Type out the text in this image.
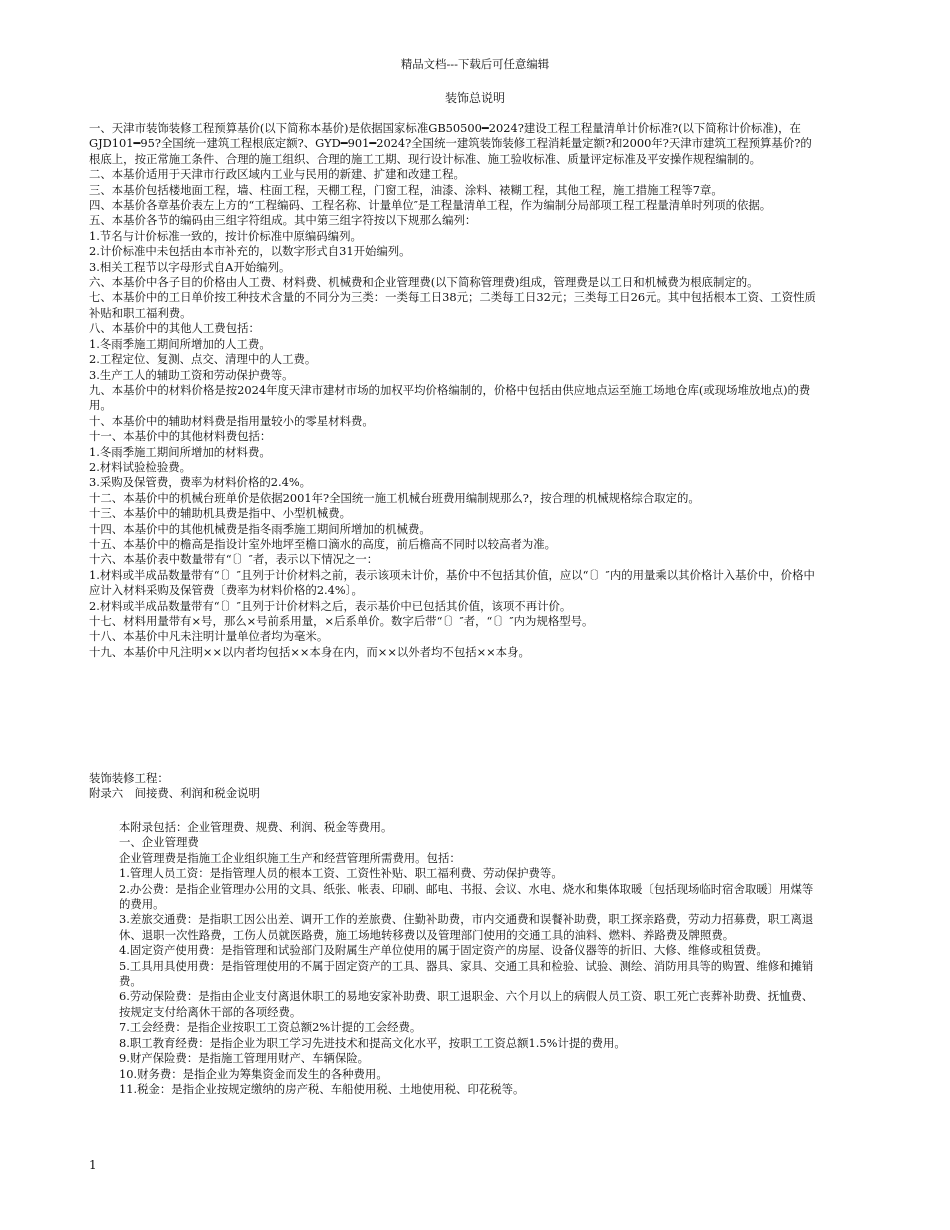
精品文档---下载后可任意编辑
装饰总说明

一、天津市装饰装修工程预算基价(以下简称本基价)是依据国家标准GB50500━2024?建设工程工程量清单计价标准?(以下简称计价标准)，在GJD101━95?全国统一建筑工程根底定额?、GYD━901━2024?全国统一建筑装饰装修工程消耗量定额?和2000年?天津市建筑工程预算基价?的根底上，按正常施工条件、合理的施工组织、合理的施工工期、现行设计标准、施工验收标准、质量评定标准及平安操作规程编制的。

二、本基价适用于天津市行政区域内工业与民用的新建、扩建和改建工程。

三、本基价包括楼地面工程，墙、柱面工程，天棚工程，门窗工程，油漆、涂料、裱糊工程，其他工程，施工措施工程等7章。

四、本基价各章基价表左上方的“工程编码、工程名称、计量单位″是工程量清单工程，作为编制分局部项工程工程量清单时列项的依据。

五、本基价各节的编码由三组字符组成。其中第三组字符按以下规那么编列：

1.节名与计价标准一致的，按计价标准中原编码编列。

2.计价标准中未包括由本市补充的，以数字形式自31开始编列。

3.相关工程节以字母形式自A开始编列。

六、本基价中各子目的价格由人工费、材料费、机械费和企业管理费(以下简称管理费)组成，管理费是以工日和机械费为根底制定的。

七、本基价中的工日单价按工种技术含量的不同分为三类：一类每工日38元；二类每工日32元；三类每工日26元。其中包括根本工资、工资性质补贴和职工福利费。

八、本基价中的其他人工费包括：

1.冬雨季施工期间所增加的人工费。

2.工程定位、复测、点交、清理中的人工费。

3.生产工人的辅助工资和劳动保护费等。

九、本基价中的材料价格是按2024年度天津市建材市场的加权平均价格编制的，价格中包括由供应地点运至施工场地仓库(或现场堆放地点)的费用。

十、本基价中的辅助材料费是指用量较小的零星材料费。

十一、本基价中的其他材料费包括：

1.冬雨季施工期间所增加的材料费。

2.材料试验检验费。

3.采购及保管费，费率为材料价格的2.4%。

十二、本基价中的机械台班单价是依据2001年?全国统一施工机械台班费用编制规那么?，按合理的机械规格综合取定的。

十三、本基价中的辅助机具费是指中、小型机械费。

十四、本基价中的其他机械费是指冬雨季施工期间所增加的机械费。

十五、本基价中的檐高是指设计室外地坪至檐口滴水的高度，前后檐高不同时以较高者为准。

十六、本基价表中数量带有“〔〕″者，表示以下情况之一：

1.材料或半成品数量带有“〔〕″且列于计价材料之前，表示该项未计价，基价中不包括其价值，应以“〔〕″内的用量乘以其价格计入基价中，价格中应计入材料采购及保管费〔费率为材料价格的2.4%〕。

2.材料或半成品数量带有“〔〕″且列于计价材料之后，表示基价中已包括其价值，该项不再计价。

十七、材料用量带有×号，那么×号前系用量，×后系单价。数字后带“〔〕″者，“〔〕″内为规格型号。

十八、本基价中凡未注明计量单位者均为毫米。

十九、本基价中凡注明××以内者均包括××本身在内，而××以外者均不包括××本身。

装饰装修工程：

附录六　间接费、利润和税金说明

本附录包括：企业管理费、规费、利润、税金等费用。

一、企业管理费

企业管理费是指施工企业组织施工生产和经营管理所需费用。包括：

1.管理人员工资：是指管理人员的根本工资、工资性补贴、职工福利费、劳动保护费等。

2.办公费：是指企业管理办公用的文具、纸张、帐表、印刷、邮电、书报、会议、水电、烧水和集体取暖〔包括现场临时宿舍取暖〕用煤等的费用。

3.差旅交通费：是指职工因公出差、调开工作的差旅费、住勤补助费，市内交通费和误餐补助费，职工探亲路费，劳动力招募费，职工离退休、退职一次性路费，工伤人员就医路费，施工场地转移费以及管理部门使用的交通工具的油料、燃料、养路费及牌照费。

4.固定资产使用费：是指管理和试验部门及附属生产单位使用的属于固定资产的房屋、设备仪器等的折旧、大修、维修或租赁费。

5.工具用具使用费：是指管理使用的不属于固定资产的工具、器具、家具、交通工具和检验、试验、测绘、消防用具等的购置、维修和摊销费。

6.劳动保险费：是指由企业支付离退休职工的易地安家补助费、职工退职金、六个月以上的病假人员工资、职工死亡丧葬补助费、抚恤费、按规定支付给离休干部的各项经费。

7.工会经费：是指企业按职工工资总额2%计提的工会经费。

8.职工教育经费：是指企业为职工学习先进技术和提高文化水平，按职工工资总额1.5%计提的费用。

9.财产保险费：是指施工管理用财产、车辆保险。

10.财务费：是指企业为筹集资金而发生的各种费用。

11.税金：是指企业按规定缴纳的房产税、车船使用税、土地使用税、印花税等。

1
